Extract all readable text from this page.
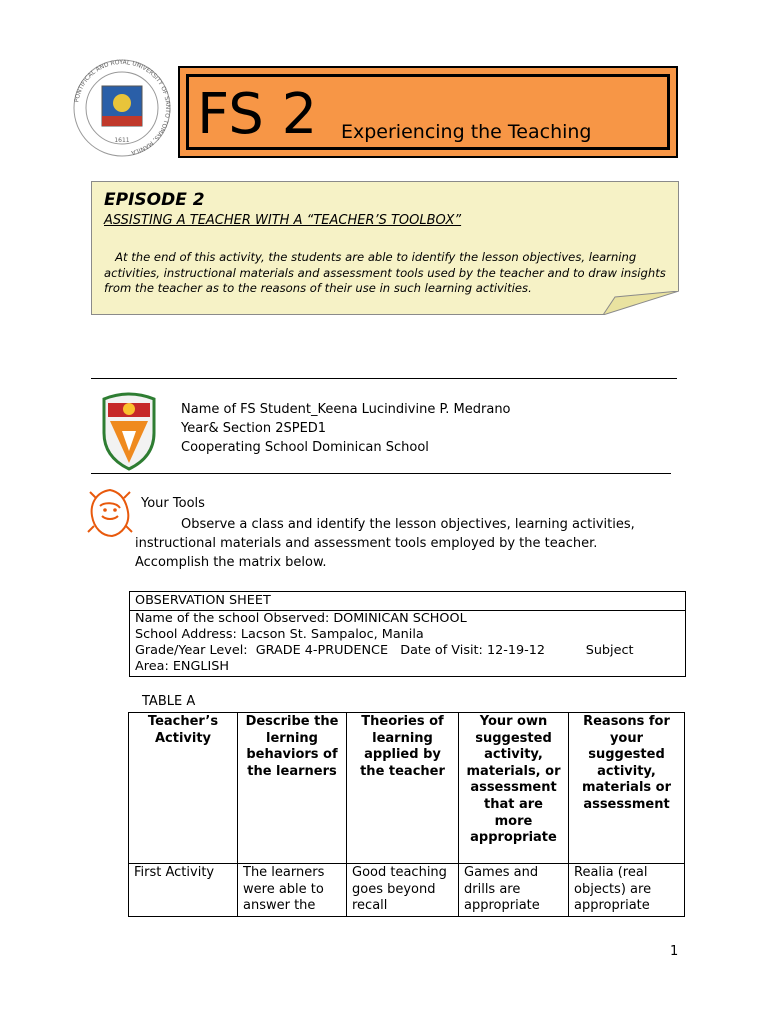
PONTIFICAL AND ROYAL UNIVERSITY OF SANTO TOMAS, MANILA
1611 FS 2 Experiencing the Teaching
EPISODE 2
ASSISTING A TEACHER WITH A “TEACHER’S TOOLBOX”
At the end of this activity, the students are able to identify the lesson objectives, learning activities, instructional materials and assessment tools used by the teacher and to draw insights from the teacher as to the reasons of their use in such learning activities.
Name of FS Student_Keena Lucindivine P. Medrano
Year& Section 2SPED1
Cooperating School Dominican School
Your Tools
Observe a class and identify the lesson objectives, learning activities, instructional materials and assessment tools employed by the teacher. Accomplish the matrix below.
OBSERVATION SHEET
Name of the school Observed: DOMINICAN SCHOOL
School Address: Lacson St. Sampaloc, Manila
Grade/Year Level:  GRADE 4-PRUDENCE   Date of Visit: 12-19-12          Subject
Area: ENGLISH
TABLE A
Teacher’s Activity	Describe the lerning behaviors of the learners	Theories of learning applied by the teacher	Your own suggested activity, materials, or assessment that are more appropriate	Reasons for your suggested activity, materials or assessment

First Activity	The learners were able to answer the	Good teaching goes beyond recall	Games and drills are appropriate	Realia (real objects) are appropriate
1
